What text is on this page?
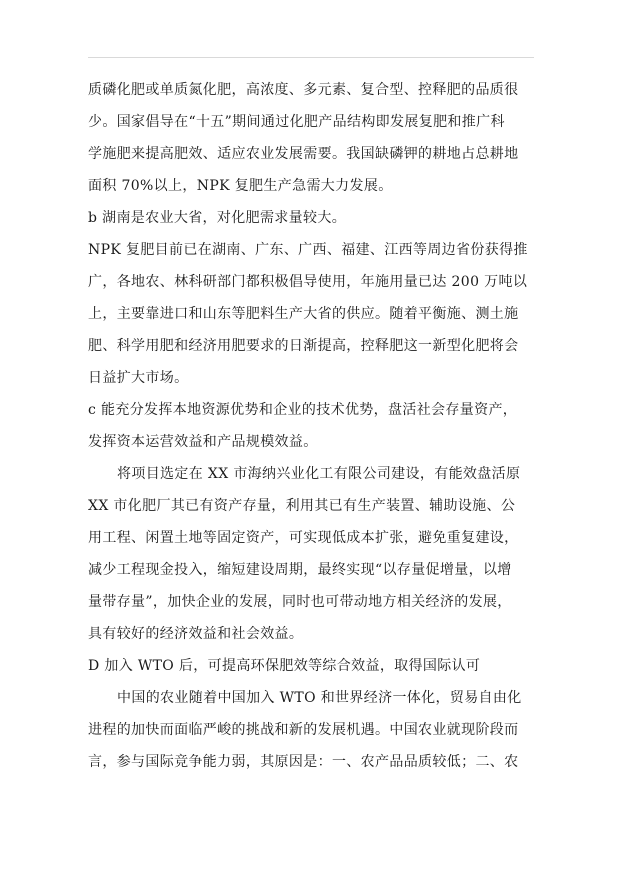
质磷化肥或单质氮化肥，高浓度、多元素、复合型、控释肥的品质很
少。国家倡导在“十五”期间通过化肥产品结构即发展复肥和推广科
学施肥来提高肥效、适应农业发展需要。我国缺磷钾的耕地占总耕地
面积 70%以上，NPK 复肥生产急需大力发展。
b 湖南是农业大省，对化肥需求量较大。
NPK 复肥目前已在湖南、广东、广西、福建、江西等周边省份获得推
广，各地农、林科研部门都积极倡导使用，年施用量已达 200 万吨以
上，主要靠进口和山东等肥料生产大省的供应。随着平衡施、测土施
肥、科学用肥和经济用肥要求的日渐提高，控释肥这一新型化肥将会
日益扩大市场。
c 能充分发挥本地资源优势和企业的技术优势，盘活社会存量资产，
发挥资本运营效益和产品规模效益。
将项目选定在 XX 市海纳兴业化工有限公司建设，有能效盘活原
XX 市化肥厂其已有资产存量，利用其已有生产装置、辅助设施、公
用工程、闲置土地等固定资产，可实现低成本扩张，避免重复建设，
减少工程现金投入，缩短建设周期，最终实现“以存量促增量，以增
量带存量”，加快企业的发展，同时也可带动地方相关经济的发展，
具有较好的经济效益和社会效益。
D 加入 WTO 后，可提高环保肥效等综合效益，取得国际认可
中国的农业随着中国加入 WTO 和世界经济一体化，贸易自由化
进程的加快而面临严峻的挑战和新的发展机遇。中国农业就现阶段而
言，参与国际竞争能力弱，其原因是：一、农产品品质较低；二、农
